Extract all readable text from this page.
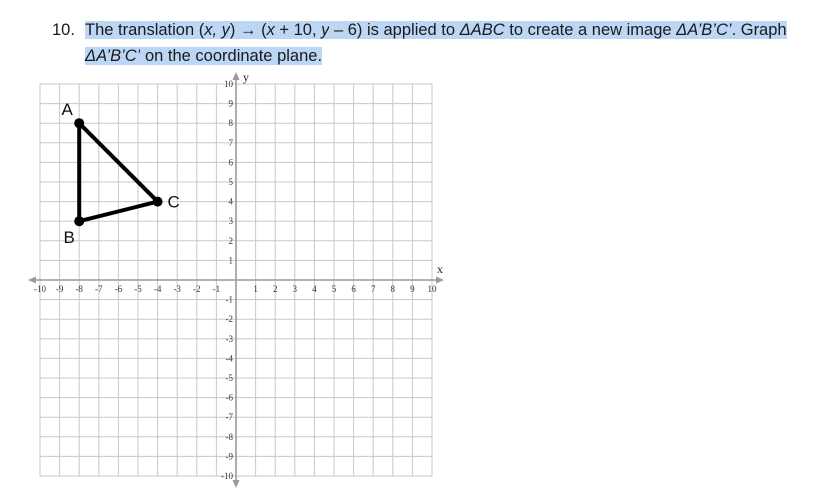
10. The translation (x, y) → (x + 10, y – 6) is applied to ΔABC to create a new image ΔA’B’C’. Graph
ΔA’B’C’ on the coordinate plane.
-10 -9 -8 -7 -6 -5 -4 -3 -2 -1	1 2 3 4 5 6 7 8 9 10
10
9
8
7
6
5
4
3
2
1
-1
-2
-3
-4
-5
-6
-7
-8
-9
-10
x
y
A
B
C
